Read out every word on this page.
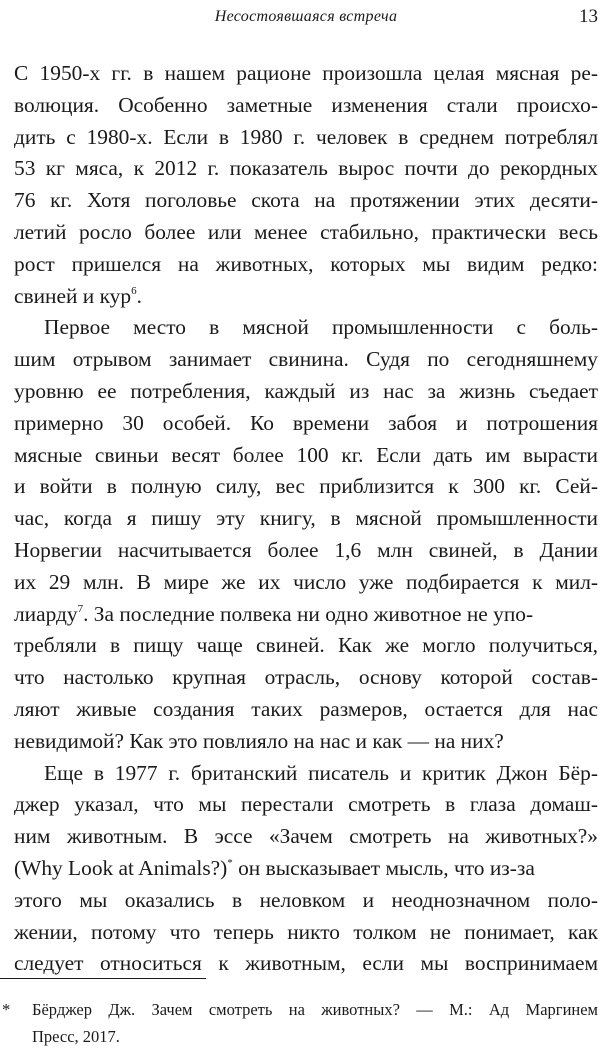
Несостоявшаяся встреча	13

С 1950-х гг. в нашем рационе произошла целая мясная ре-
волюция. Особенно заметные изменения стали происхо-
дить с 1980-х. Если в 1980 г. человек в среднем потреблял
53 кг мяса, к 2012 г. показатель вырос почти до рекордных
76 кг. Хотя поголовье скота на протяжении этих десяти-
летий росло более или менее стабильно, практически весь
рост пришелся на животных, которых мы видим редко:
свиней и кур$^6$.

Первое место в мясной промышленности с боль-
шим отрывом занимает свинина. Судя по сегодняшнему
уровню ее потребления, каждый из нас за жизнь съедает
примерно 30 особей. Ко времени забоя и потрошения
мясные свиньи весят более 100 кг. Если дать им вырасти
и войти в полную силу, вес приблизится к 300 кг. Сей-
час, когда я пишу эту книгу, в мясной промышленности
Норвегии насчитывается более 1,6 млн свиней, в Дании
их 29 млн. В мире же их число уже подбирается к мил-
лиарду$^7$. За последние полвека ни одно животное не упо-
требляли в пищу чаще свиней. Как же могло получиться,
что настолько крупная отрасль, основу которой состав-
ляют живые создания таких размеров, остается для нас
невидимой? Как это повлияло на нас и как — на них?

Еще в 1977 г. британский писатель и критик Джон Бёр-
джер указал, что мы перестали смотреть в глаза домаш-
ним животным. В эссе «Зачем смотреть на животных?»
(Why Look at Animals?)* он высказывает мысль, что из-за
этого мы оказались в неловком и неоднозначном поло-
жении, потому что теперь никто толком не понимает, как
следует относиться к животным, если мы воспринимаем

* Бёрджер Дж. Зачем смотреть на животных? — М.: Ад Маргинем
Пресс, 2017.
